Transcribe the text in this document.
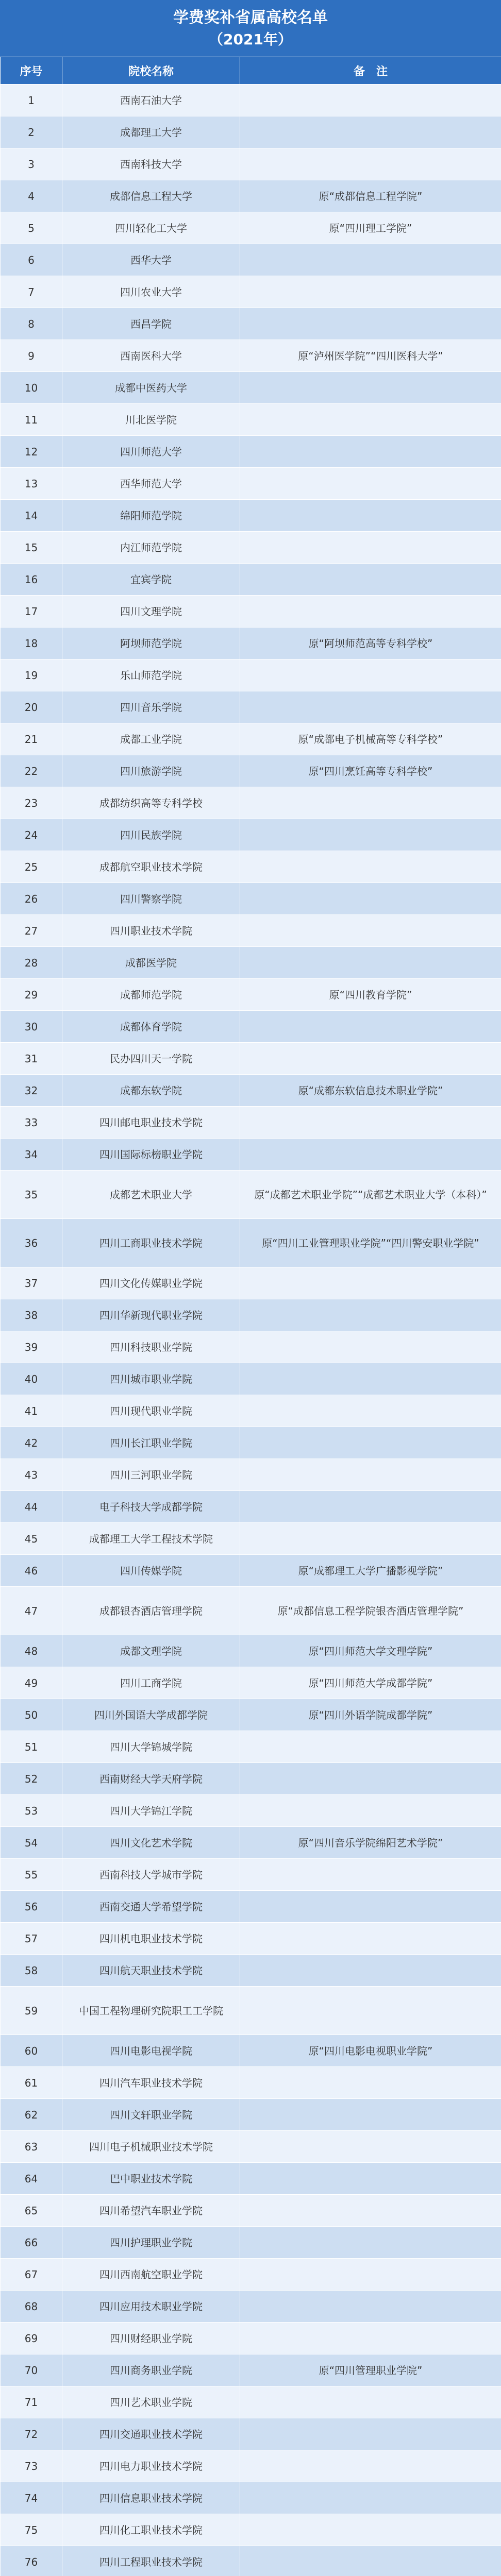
学费奖补省属高校名单
（2021年）
序号	院校名称	备　注
1	西南石油大学	
2	成都理工大学	
3	西南科技大学	
4	成都信息工程大学	原“成都信息工程学院”
5	四川轻化工大学	原“四川理工学院”
6	西华大学	
7	四川农业大学	
8	西昌学院	
9	西南医科大学	原“泸州医学院”“四川医科大学”
10	成都中医药大学	
11	川北医学院	
12	四川师范大学	
13	西华师范大学	
14	绵阳师范学院	
15	内江师范学院	
16	宜宾学院	
17	四川文理学院	
18	阿坝师范学院	原“阿坝师范高等专科学校”
19	乐山师范学院	
20	四川音乐学院	
21	成都工业学院	原“成都电子机械高等专科学校”
22	四川旅游学院	原“四川烹饪高等专科学校”
23	成都纺织高等专科学校	
24	四川民族学院	
25	成都航空职业技术学院	
26	四川警察学院	
27	四川职业技术学院	
28	成都医学院	
29	成都师范学院	原“四川教育学院”
30	成都体育学院	
31	民办四川天一学院	
32	成都东软学院	原“成都东软信息技术职业学院”
33	四川邮电职业技术学院	
34	四川国际标榜职业学院	
35	成都艺术职业大学	原“成都艺术职业学院”“成都艺术职业大学（本科）”
36	四川工商职业技术学院	原“四川工业管理职业学院”“四川警安职业学院”
37	四川文化传媒职业学院	
38	四川华新现代职业学院	
39	四川科技职业学院	
40	四川城市职业学院	
41	四川现代职业学院	
42	四川长江职业学院	
43	四川三河职业学院	
44	电子科技大学成都学院	
45	成都理工大学工程技术学院	
46	四川传媒学院	原“成都理工大学广播影视学院”
47	成都银杏酒店管理学院	原“成都信息工程学院银杏酒店管理学院”
48	成都文理学院	原“四川师范大学文理学院”
49	四川工商学院	原“四川师范大学成都学院”
50	四川外国语大学成都学院	原“四川外语学院成都学院”
51	四川大学锦城学院	
52	西南财经大学天府学院	
53	四川大学锦江学院	
54	四川文化艺术学院	原“四川音乐学院绵阳艺术学院”
55	西南科技大学城市学院	
56	西南交通大学希望学院	
57	四川机电职业技术学院	
58	四川航天职业技术学院	
59	中国工程物理研究院职工工学院	
60	四川电影电视学院	原“四川电影电视职业学院”
61	四川汽车职业技术学院	
62	四川文轩职业学院	
63	四川电子机械职业技术学院	
64	巴中职业技术学院	
65	四川希望汽车职业学院	
66	四川护理职业学院	
67	四川西南航空职业学院	
68	四川应用技术职业学院	
69	四川财经职业学院	
70	四川商务职业学院	原“四川管理职业学院”
71	四川艺术职业学院	
72	四川交通职业技术学院	
73	四川电力职业技术学院	
74	四川信息职业技术学院	
75	四川化工职业技术学院	
76	四川工程职业技术学院	
